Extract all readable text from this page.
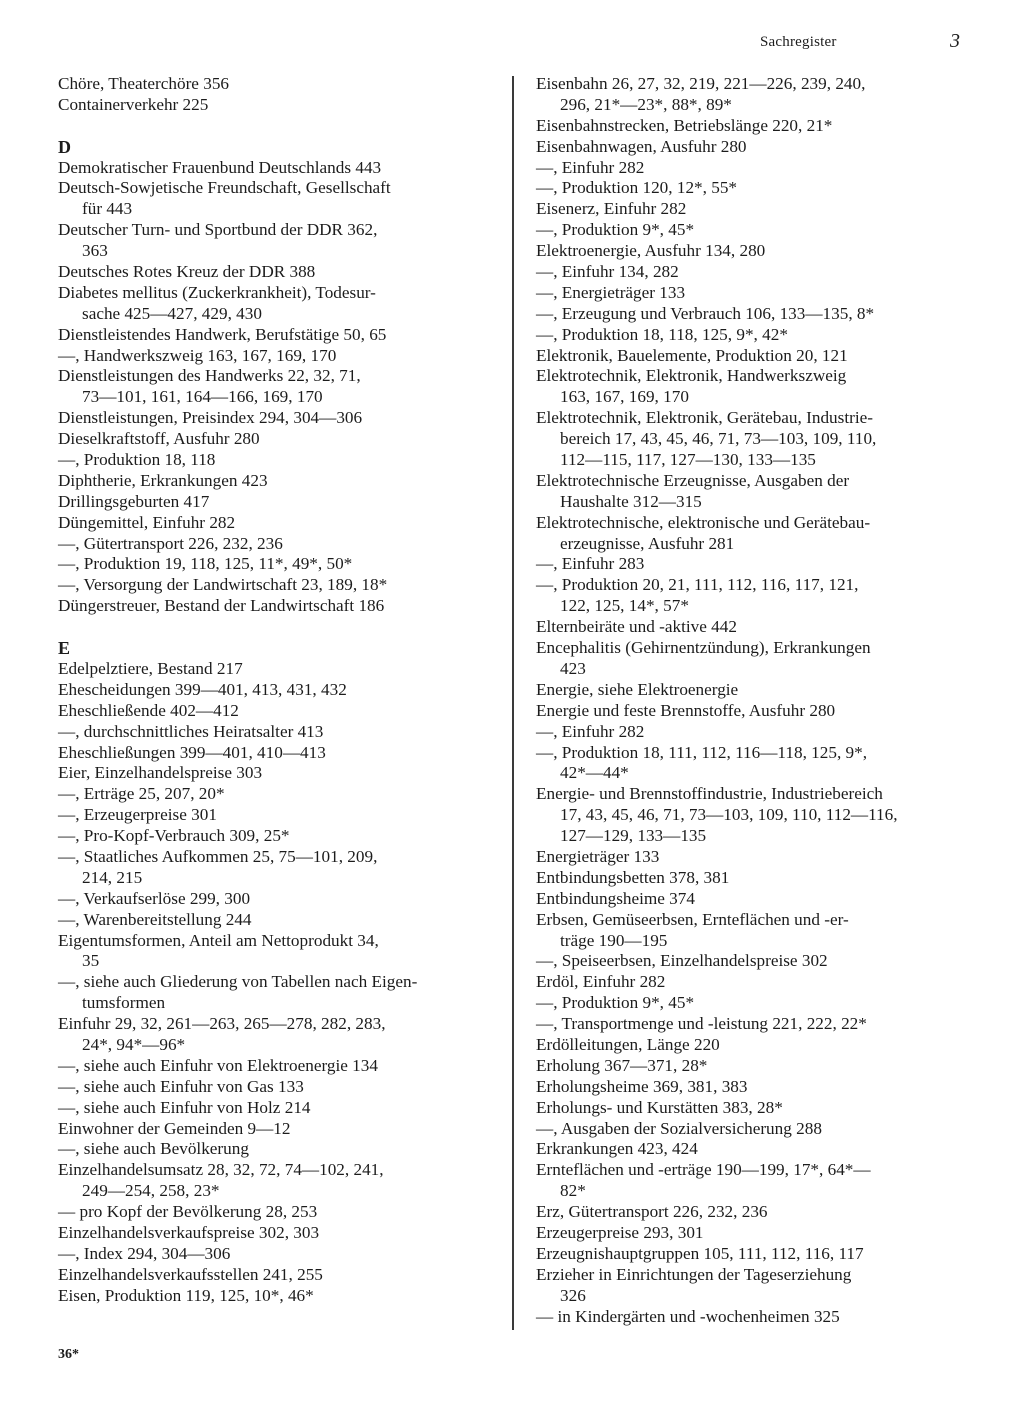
Sachregister	3
Chöre, Theaterchöre 356
Containerverkehr 225
D
Demokratischer Frauenbund Deutschlands 443
Deutsch-Sowjetische Freundschaft, Gesellschaft
für 443
Deutscher Turn- und Sportbund der DDR 362,
363
Deutsches Rotes Kreuz der DDR 388
Diabetes mellitus (Zuckerkrankheit), Todesur-
sache 425—427, 429, 430
Dienstleistendes Handwerk, Berufstätige 50, 65
—, Handwerkszweig 163, 167, 169, 170
Dienstleistungen des Handwerks 22, 32, 71,
73—101, 161, 164—166, 169, 170
Dienstleistungen, Preisindex 294, 304—306
Dieselkraftstoff, Ausfuhr 280
—, Produktion 18, 118
Diphtherie, Erkrankungen 423
Drillingsgeburten 417
Düngemittel, Einfuhr 282
—, Gütertransport 226, 232, 236
—, Produktion 19, 118, 125, 11*, 49*, 50*
—, Versorgung der Landwirtschaft 23, 189, 18*
Düngerstreuer, Bestand der Landwirtschaft 186
E
Edelpelztiere, Bestand 217
Ehescheidungen 399—401, 413, 431, 432
Eheschließende 402—412
—, durchschnittliches Heiratsalter 413
Eheschließungen 399—401, 410—413
Eier, Einzelhandelspreise 303
—, Erträge 25, 207, 20*
—, Erzeugerpreise 301
—, Pro-Kopf-Verbrauch 309, 25*
—, Staatliches Aufkommen 25, 75—101, 209,
214, 215
—, Verkaufserlöse 299, 300
—, Warenbereitstellung 244
Eigentumsformen, Anteil am Nettoprodukt 34,
35
—, siehe auch Gliederung von Tabellen nach Eigen-
tumsformen
Einfuhr 29, 32, 261—263, 265—278, 282, 283,
24*, 94*—96*
—, siehe auch Einfuhr von Elektroenergie 134
—, siehe auch Einfuhr von Gas 133
—, siehe auch Einfuhr von Holz 214
Einwohner der Gemeinden 9—12
—, siehe auch Bevölkerung
Einzelhandelsumsatz 28, 32, 72, 74—102, 241,
249—254, 258, 23*
— pro Kopf der Bevölkerung 28, 253
Einzelhandelsverkaufspreise 302, 303
—, Index 294, 304—306
Einzelhandelsverkaufsstellen 241, 255
Eisen, Produktion 119, 125, 10*, 46*
Eisenbahn 26, 27, 32, 219, 221—226, 239, 240,
296, 21*—23*, 88*, 89*
Eisenbahnstrecken, Betriebslänge 220, 21*
Eisenbahnwagen, Ausfuhr 280
—, Einfuhr 282
—, Produktion 120, 12*, 55*
Eisenerz, Einfuhr 282
—, Produktion 9*, 45*
Elektroenergie, Ausfuhr 134, 280
—, Einfuhr 134, 282
—, Energieträger 133
—, Erzeugung und Verbrauch 106, 133—135, 8*
—, Produktion 18, 118, 125, 9*, 42*
Elektronik, Bauelemente, Produktion 20, 121
Elektrotechnik, Elektronik, Handwerkszweig
163, 167, 169, 170
Elektrotechnik, Elektronik, Gerätebau, Industrie-
bereich 17, 43, 45, 46, 71, 73—103, 109, 110,
112—115, 117, 127—130, 133—135
Elektrotechnische Erzeugnisse, Ausgaben der
Haushalte 312—315
Elektrotechnische, elektronische und Gerätebau-
erzeugnisse, Ausfuhr 281
—, Einfuhr 283
—, Produktion 20, 21, 111, 112, 116, 117, 121,
122, 125, 14*, 57*
Elternbeiräte und -aktive 442
Encephalitis (Gehirnentzündung), Erkrankungen
423
Energie, siehe Elektroenergie
Energie und feste Brennstoffe, Ausfuhr 280
—, Einfuhr 282
—, Produktion 18, 111, 112, 116—118, 125, 9*,
42*—44*
Energie- und Brennstoffindustrie, Industriebereich
17, 43, 45, 46, 71, 73—103, 109, 110, 112—116,
127—129, 133—135
Energieträger 133
Entbindungsbetten 378, 381
Entbindungsheime 374
Erbsen, Gemüseerbsen, Ernteflächen und -er-
träge 190—195
—, Speiseerbsen, Einzelhandelspreise 302
Erdöl, Einfuhr 282
—, Produktion 9*, 45*
—, Transportmenge und -leistung 221, 222, 22*
Erdölleitungen, Länge 220
Erholung 367—371, 28*
Erholungsheime 369, 381, 383
Erholungs- und Kurstätten 383, 28*
—, Ausgaben der Sozialversicherung 288
Erkrankungen 423, 424
Ernteflächen und -erträge 190—199, 17*, 64*—
82*
Erz, Gütertransport 226, 232, 236
Erzeugerpreise 293, 301
Erzeugnishauptgruppen 105, 111, 112, 116, 117
Erzieher in Einrichtungen der Tageserziehung
326
— in Kindergärten und -wochenheimen 325
36*
